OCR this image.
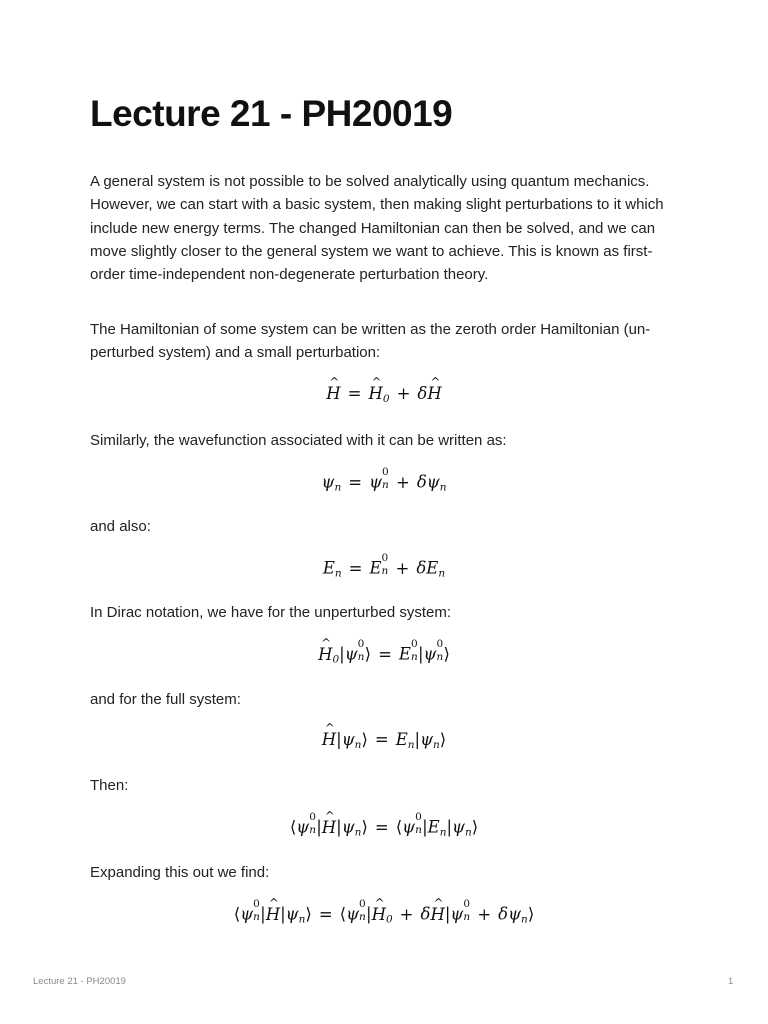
Lecture 21 - PH20019

A general system is not possible to be solved analytically using quantum mechanics. However, we can start with a basic system, then making slight perturbations to it which include new energy terms. The changed Hamiltonian can then be solved, and we can move slightly closer to the general system we want to achieve. This is known as first-order time-independent non-degenerate perturbation theory.

The Hamiltonian of some system can be written as the zeroth order Hamiltonian (un-perturbed system) and a small perturbation:

^ H =^ $H_0$ + δ^ H

Similarly, the wavefunction associated with it can be written as:

$\psi_n = \psi$
0
$n + \delta\psi_n$

and also:

$E_n = E$
0
$n + \delta E_n$

In Dirac notation, we have for the unperturbed system:

^ $H_0|\psi$
0
n ⟩ = E
0
n |ψ
0
n ⟩

and for the full system:

^ $H|\psi_n⟩$ = $E_n|\psi_n⟩$

Then:

⟨ψ
0
n |^ $H|\psi_n⟩$ = ⟨ψ
0
n $|E_n|\psi_n⟩$

Expanding this out we find:

⟨ψ
0
n |^ $H|\psi_n⟩$ = ⟨ψ
0
n |^ $H_0$ + δ^ H|ψ
0
$n + \delta\psi_n⟩$
Lecture 21 - PH20019	1
